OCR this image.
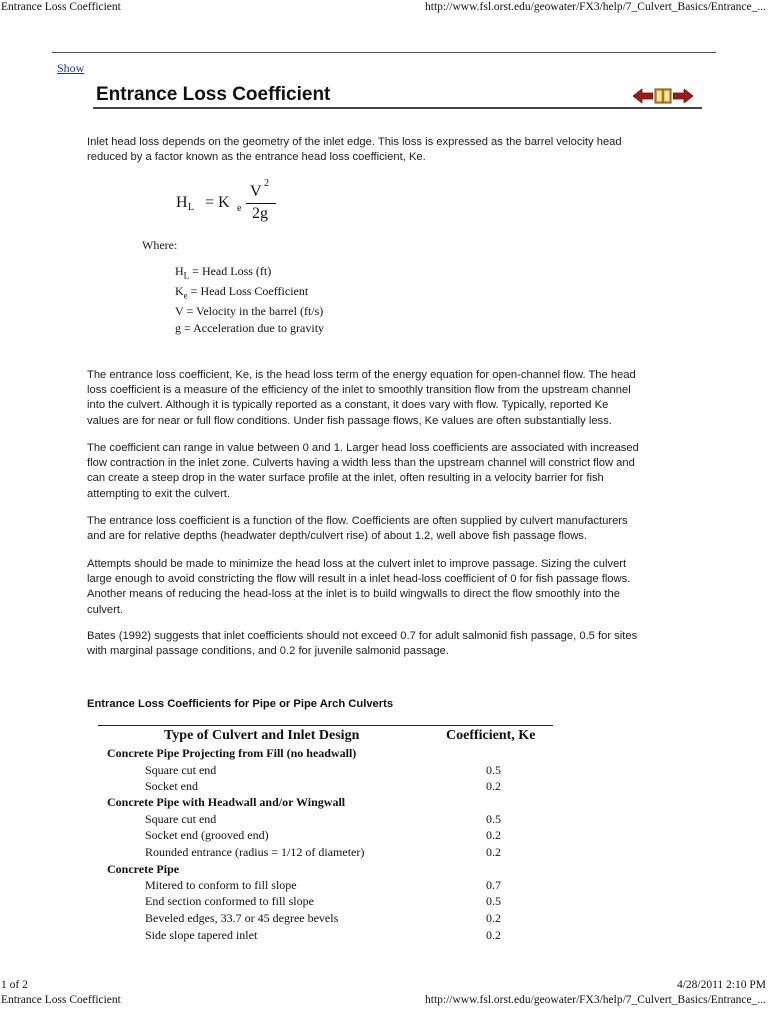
Entrance Loss Coefficient	http://www.fsl.orst.edu/geowater/FX3/help/7_Culvert_Basics/Entrance_...
Show
Entrance Loss Coefficient
Inlet head loss depends on the geometry of the inlet edge. This loss is expressed as the barrel velocity head
reduced by a factor known as the entrance head loss coefficient, Ke.
H L = K e
V 2
2g
Where:
$H_L$ = Head Loss (ft)
$K_e$ = Head Loss Coefficient
V = Velocity in the barrel (ft/s)
g = Acceleration due to gravity
The entrance loss coefficient, Ke, is the head loss term of the energy equation for open-channel flow. The head
loss coefficient is a measure of the efficiency of the inlet to smoothly transition flow from the upstream channel
into the culvert. Although it is typically reported as a constant, it does vary with flow. Typically, reported Ke
values are for near or full flow conditions. Under fish passage flows, Ke values are often substantially less.
The coefficient can range in value between 0 and 1. Larger head loss coefficients are associated with increased
flow contraction in the inlet zone. Culverts having a width less than the upstream channel will constrict flow and
can create a steep drop in the water surface profile at the inlet, often resulting in a velocity barrier for fish
attempting to exit the culvert.
The entrance loss coefficient is a function of the flow. Coefficients are often supplied by culvert manufacturers
and are for relative depths (headwater depth/culvert rise) of about 1.2, well above fish passage flows.
Attempts should be made to minimize the head loss at the culvert inlet to improve passage. Sizing the culvert
large enough to avoid constricting the flow will result in a inlet head-loss coefficient of 0 for fish passage flows.
Another means of reducing the head-loss at the inlet is to build wingwalls to direct the flow smoothly into the
culvert.
Bates (1992) suggests that inlet coefficients should not exceed 0.7 for adult salmonid fish passage, 0.5 for sites
with marginal passage conditions, and 0.2 for juvenile salmonid passage.
Entrance Loss Coefficients for Pipe or Pipe Arch Culverts
Type of Culvert and Inlet Design	Coefficient, Ke
Concrete Pipe Projecting from Fill (no headwall)
Square cut end	0.5
Socket end	0.2
Concrete Pipe with Headwall and/or Wingwall
Square cut end	0.5
Socket end (grooved end)	0.2
Rounded entrance (radius = 1/12 of diameter)	0.2
Concrete Pipe
Mitered to conform to fill slope	0.7
End section conformed to fill slope	0.5
Beveled edges, 33.7 or 45 degree bevels	0.2
Side slope tapered inlet	0.2
1 of 2	4/28/2011 2:10 PM
Entrance Loss Coefficient	http://www.fsl.orst.edu/geowater/FX3/help/7_Culvert_Basics/Entrance_...
